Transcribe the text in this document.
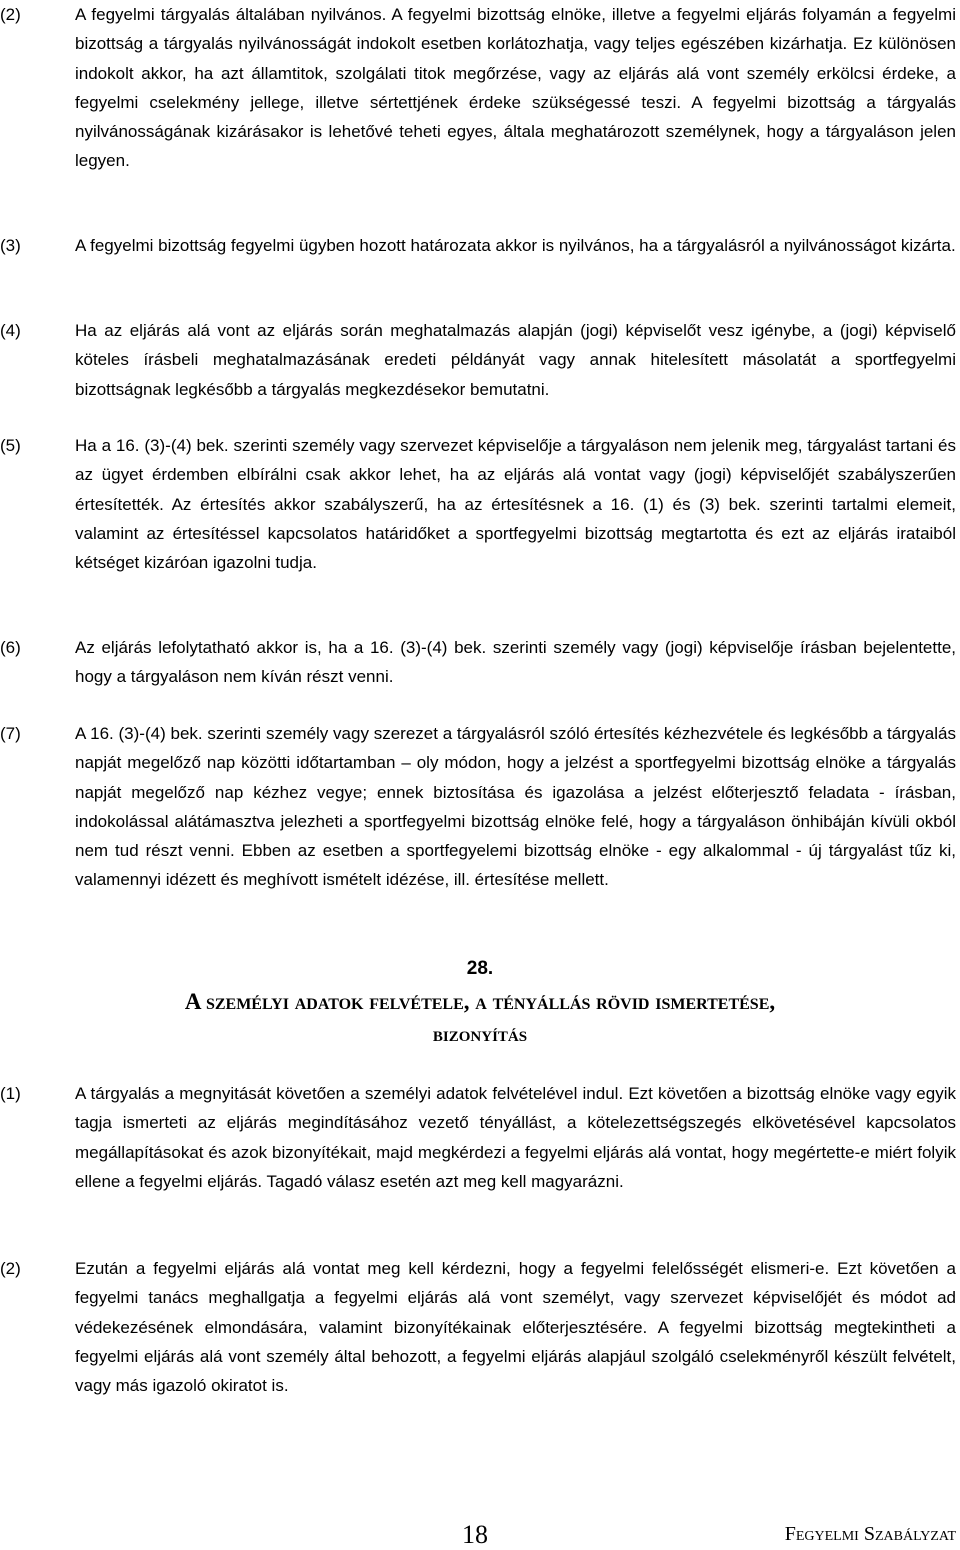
(2)	A fegyelmi tárgyalás általában nyilvános. A fegyelmi bizottság elnöke, illetve a fegyelmi eljárás folyamán a fegyelmi bizottság a tárgyalás nyilvánosságát indokolt esetben korlátozhatja, vagy teljes egészében kizárhatja. Ez különösen indokolt akkor, ha azt államtitok, szolgálati titok megőrzése, vagy az eljárás alá vont személy erkölcsi érdeke, a fegyelmi cselekmény jellege, illetve sértettjének érdeke szükségessé teszi. A fegyelmi bizottság a tárgyalás nyilvánosságának kizárásakor is lehetővé teheti egyes, általa meghatározott személynek, hogy a tárgyaláson jelen legyen.
(3)	A fegyelmi bizottság fegyelmi ügyben hozott határozata akkor is nyilvános, ha a tárgyalásról a nyilvánosságot kizárta.
(4)	Ha az eljárás alá vont az eljárás során meghatalmazás alapján (jogi) képviselőt vesz igénybe, a (jogi) képviselő köteles írásbeli meghatalmazásának eredeti példányát vagy annak hitelesített másolatát a sportfegyelmi bizottságnak legkésőbb a tárgyalás megkezdésekor bemutatni.
(5)	Ha a 16. (3)-(4) bek. szerinti személy vagy szervezet képviselője a tárgyaláson nem jelenik meg, tárgyalást tartani és az ügyet érdemben elbírálni csak akkor lehet, ha az eljárás alá vontat vagy (jogi) képviselőjét szabályszerűen értesítették. Az értesítés akkor szabályszerű, ha az értesítésnek a 16. (1) és (3) bek. szerinti tartalmi elemeit, valamint az értesítéssel kapcsolatos határidőket a sportfegyelmi bizottság megtartotta és ezt az eljárás irataiból kétséget kizáróan igazolni tudja.
(6)	Az eljárás lefolytatható akkor is, ha a 16. (3)-(4) bek. szerinti személy vagy (jogi) képviselője írásban bejelentette, hogy a tárgyaláson nem kíván részt venni.
(7)	A 16. (3)-(4) bek. szerinti személy vagy szerezet a tárgyalásról szóló értesítés kézhezvétele és legkésőbb a tárgyalás napját megelőző nap közötti időtartamban – oly módon, hogy a jelzést a sportfegyelmi bizottság elnöke a tárgyalás napját megelőző nap kézhez vegye; ennek biztosítása és igazolása a jelzést előterjesztő feladata - írásban, indokolással alátámasztva jelezheti a sportfegyelmi bizottság elnöke felé, hogy a tárgyaláson önhibáján kívüli okból nem tud részt venni. Ebben az esetben a sportfegyelemi bizottság elnöke - egy alkalommal - új tárgyalást tűz ki, valamennyi idézett és meghívott ismételt idézése, ill. értesítése mellett.
28.
A személyi adatok felvétele, a tényállás rövid ismertetése,
bizonyítás
(1)	A tárgyalás a megnyitását követően a személyi adatok felvételével indul. Ezt követően a bizottság elnöke vagy egyik tagja ismerteti az eljárás megindításához vezető tényállást, a kötelezettségszegés elkövetésével kapcsolatos megállapításokat és azok bizonyítékait, majd megkérdezi a fegyelmi eljárás alá vontat, hogy megértette-e miért folyik ellene a fegyelmi eljárás. Tagadó válasz esetén azt meg kell magyarázni.
(2)	Ezután a fegyelmi eljárás alá vontat meg kell kérdezni, hogy a fegyelmi felelősségét elismeri-e. Ezt követően a fegyelmi tanács meghallgatja a fegyelmi eljárás alá vont személyt, vagy szervezet képviselőjét és módot ad védekezésének elmondására, valamint bizonyítékainak előterjesztésére. A fegyelmi bizottság megtekintheti a fegyelmi eljárás alá vont személy által behozott, a fegyelmi eljárás alapjául szolgáló cselekményről készült felvételt, vagy más igazoló okiratot is.
18	Fegyelmi Szabályzat
